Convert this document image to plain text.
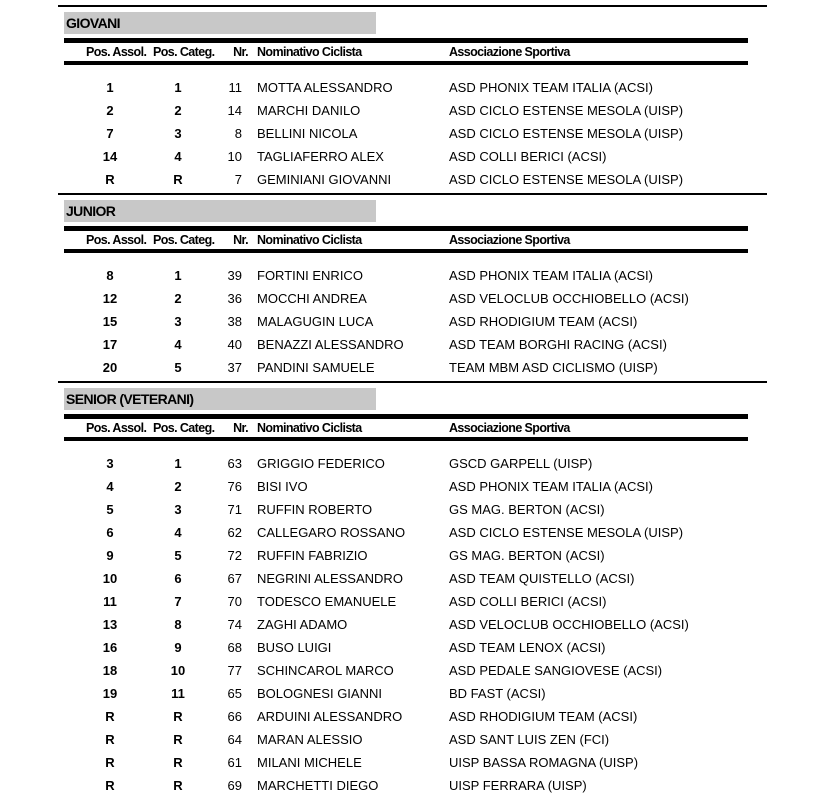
GIOVANI
Pos. Assol. Pos. Categ.	Nr. Nominativo Ciclista	Associazione Sportiva
1	1	11 MOTTA ALESSANDRO	ASD PHONIX TEAM ITALIA (ACSI)
2	2	14 MARCHI DANILO	ASD CICLO ESTENSE MESOLA (UISP)
7	3	8 BELLINI NICOLA	ASD CICLO ESTENSE MESOLA (UISP)
14	4	10 TAGLIAFERRO ALEX	ASD COLLI BERICI (ACSI)
R	R	7 GEMINIANI GIOVANNI	ASD CICLO ESTENSE MESOLA (UISP)
JUNIOR
Pos. Assol. Pos. Categ.	Nr. Nominativo Ciclista	Associazione Sportiva
8	1	39 FORTINI ENRICO	ASD PHONIX TEAM ITALIA (ACSI)
12	2	36 MOCCHI ANDREA	ASD VELOCLUB OCCHIOBELLO (ACSI)
15	3	38 MALAGUGIN LUCA	ASD RHODIGIUM TEAM (ACSI)
17	4	40 BENAZZI ALESSANDRO	ASD TEAM BORGHI RACING (ACSI)
20	5	37 PANDINI SAMUELE	TEAM MBM ASD CICLISMO (UISP)
SENIOR (VETERANI)
Pos. Assol. Pos. Categ.	Nr. Nominativo Ciclista	Associazione Sportiva
3	1	63 GRIGGIO FEDERICO	GSCD GARPELL (UISP)
4	2	76 BISI IVO	ASD PHONIX TEAM ITALIA (ACSI)
5	3	71 RUFFIN ROBERTO	GS MAG. BERTON (ACSI)
6	4	62 CALLEGARO ROSSANO	ASD CICLO ESTENSE MESOLA (UISP)
9	5	72 RUFFIN FABRIZIO	GS MAG. BERTON (ACSI)
10	6	67 NEGRINI ALESSANDRO	ASD TEAM QUISTELLO (ACSI)
11	7	70 TODESCO EMANUELE	ASD COLLI BERICI (ACSI)
13	8	74 ZAGHI ADAMO	ASD VELOCLUB OCCHIOBELLO (ACSI)
16	9	68 BUSO LUIGI	ASD TEAM LENOX (ACSI)
18	10	77 SCHINCAROL MARCO	ASD PEDALE SANGIOVESE (ACSI)
19	11	65 BOLOGNESI GIANNI	BD FAST (ACSI)
R	R	66 ARDUINI ALESSANDRO	ASD RHODIGIUM TEAM (ACSI)
R	R	64 MARAN ALESSIO	ASD SANT LUIS ZEN (FCI)
R	R	61 MILANI MICHELE	UISP BASSA ROMAGNA (UISP)
R	R	69 MARCHETTI DIEGO	UISP FERRARA (UISP)
